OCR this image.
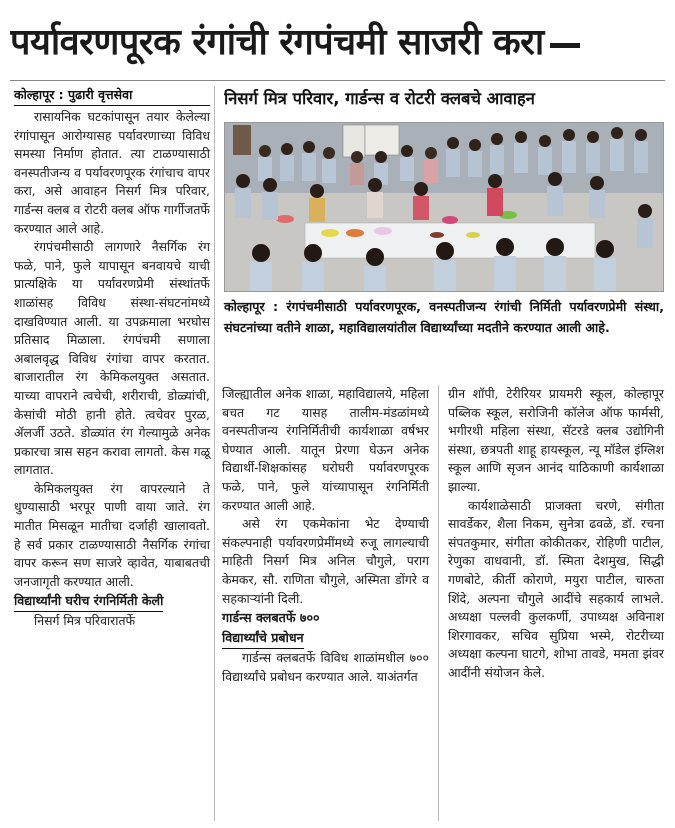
पर्यावरणपूरक रंगांची रंगपंचमी साजरी करा
कोल्हापूर : पुढारी वृत्तसेवा

रासायनिक घटकांपासून तयार केलेल्या रंगांपासून आरोग्यासह पर्यावरणाच्या विविध समस्या निर्माण होतात. त्या टाळण्यासाठी वनस्पतीजन्य व पर्यावरणपूरक रंगांचाच वापर करा, असे आवाहन निसर्ग मित्र परिवार, गार्डन्स क्लब व रोटरी क्लब ऑफ गार्गीजतर्फे करण्यात आले आहे.

रंगपंचमीसाठी लागणारे नैसर्गिक रंग फळे, पाने, फुले यापासून बनवायचे याची प्रात्यक्षिके या पर्यावरणप्रेमी संस्थांतर्फे शाळांसह विविध संस्था-संघटनांमध्ये दाखविण्यात आली. या उपक्रमाला भरघोस प्रतिसाद मिळाला. रंगपंचमी सणाला अबालवृद्ध विविध रंगांचा वापर करतात. बाजारातील रंग केमिकलयुक्त असतात. याच्या वापराने त्वचेची, शरीराची, डोळ्यांची, केसांची मोठी हानी होते. त्वचेवर पुरळ, ॲलर्जी उठते. डोळ्यांत रंग गेल्यामुळे अनेक प्रकारचा त्रास सहन करावा लागतो. केस गळू लागतात.

केमिकलयुक्त रंग वापरल्याने ते धुण्यासाठी भरपूर पाणी वाया जाते. रंग मातीत मिसळून मातीचा दर्जाही खालावतो. हे सर्व प्रकार टाळण्यासाठी नैसर्गिक रंगांचा वापर करून सण साजरे व्हावेत, याबाबतची जनजागृती करण्यात आली.

विद्यार्थ्यांनी घरीच रंगनिर्मिती केली

निसर्ग मित्र परिवारातर्फे

निसर्ग मित्र परिवार, गार्डन्स व रोटरी क्लबचे आवाहन
कोल्हापूर : रंगपंचमीसाठी पर्यावरणपूरक, वनस्पतीजन्य रंगांची निर्मिती पर्यावरणप्रेमी संस्था, संघटनांच्या वतीने शाळा, महाविद्यालयांतील विद्यार्थ्यांच्या मदतीने करण्यात आली आहे.

जिल्ह्यातील अनेक शाळा, महाविद्यालये, महिला बचत गट यासह तालीम-मंडळांमध्ये वनस्पतीजन्य रंगनिर्मितीची कार्यशाळा वर्षभर घेण्यात आली. यातून प्रेरणा घेऊन अनेक विद्यार्थी-शिक्षकांसह घरोघरी पर्यावरणपूरक फळे, पाने, फुले यांच्यापासून रंगनिर्मिती करण्यात आली आहे.

असे रंग एकमेकांना भेट देण्याची संकल्पनाही पर्यावरणप्रेमींमध्ये रुजू लागल्याची माहिती निसर्ग मित्र अनिल चौगुले, पराग केमकर, सौ. राणिता चौगुले, अस्मिता डोंगरे व सहकाऱ्यांनी दिली.

गार्डन्स क्लबतर्फे ७००
विद्यार्थ्यांचे प्रबोधन

गार्डन्स क्लबतर्फे विविध शाळांमधील ७०० विद्यार्थ्यांचे प्रबोधन करण्यात आले. याअंतर्गत

ग्रीन शॉपी, टेरीरियर प्रायमरी स्कूल, कोल्हापूर पब्लिक स्कूल, सरोजिनी कॉलेज ऑफ फार्मसी, भगीरथी महिला संस्था, सॅटरडे क्लब उद्योगिनी संस्था, छत्रपती शाहू हायस्कूल, न्यू मॉडेल इंग्लिश स्कूल आणि सृजन आनंद याठिकाणी कार्यशाळा झाल्या.

कार्यशाळेसाठी प्राजक्ता चरणे, संगीता सावर्डेकर, शैला निकम, सुनेत्रा ढवळे, डॉ. रचना संपतकुमार, संगीता कोकीतकर, रोहिणी पाटील, रेणुका वाधवानी, डॉ. स्मिता देशमुख, सिद्धी गणबोटे, कीर्ती कोराणे, मयुरा पाटील, चारुता शिंदे, अल्पना चौगुले आदींचे सहकार्य लाभले. अध्यक्षा पल्लवी कुलकर्णी, उपाध्यक्ष अविनाश शिरगावकर, सचिव सुप्रिया भस्मे, रोटरीच्या अध्यक्षा कल्पना घाटगे, शोभा तावडे, ममता झंवर आदींनी संयोजन केले.
